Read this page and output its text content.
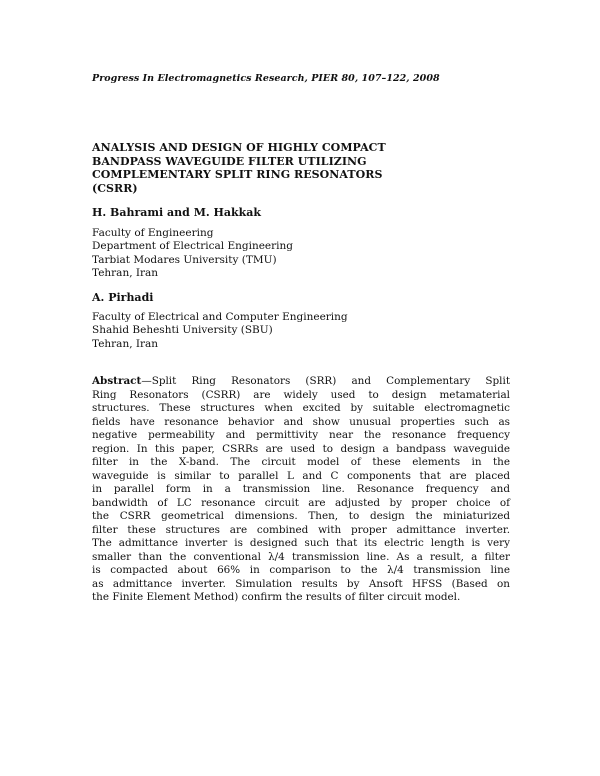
Progress In Electromagnetics Research, PIER 80, 107–122, 2008
ANALYSIS AND DESIGN OF HIGHLY COMPACT
BANDPASS WAVEGUIDE FILTER UTILIZING
COMPLEMENTARY SPLIT RING RESONATORS
(CSRR)
H. Bahrami and M. Hakkak
Faculty of Engineering
Department of Electrical Engineering
Tarbiat Modares University (TMU)
Tehran, Iran
A. Pirhadi
Faculty of Electrical and Computer Engineering
Shahid Beheshti University (SBU)
Tehran, Iran
Abstract—Split Ring Resonators (SRR) and Complementary Split
Ring Resonators (CSRR) are widely used to design metamaterial
structures. These structures when excited by suitable electromagnetic
fields have resonance behavior and show unusual properties such as
negative permeability and permittivity near the resonance frequency
region. In this paper, CSRRs are used to design a bandpass waveguide
filter in the X-band. The circuit model of these elements in the
waveguide is similar to parallel L and C components that are placed
in parallel form in a transmission line. Resonance frequency and
bandwidth of LC resonance circuit are adjusted by proper choice of
the CSRR geometrical dimensions. Then, to design the miniaturized
filter these structures are combined with proper admittance inverter.
The admittance inverter is designed such that its electric length is very
smaller than the conventional λ/4 transmission line. As a result, a filter
is compacted about 66% in comparison to the λ/4 transmission line
as admittance inverter. Simulation results by Ansoft HFSS (Based on
the Finite Element Method) confirm the results of filter circuit model.
